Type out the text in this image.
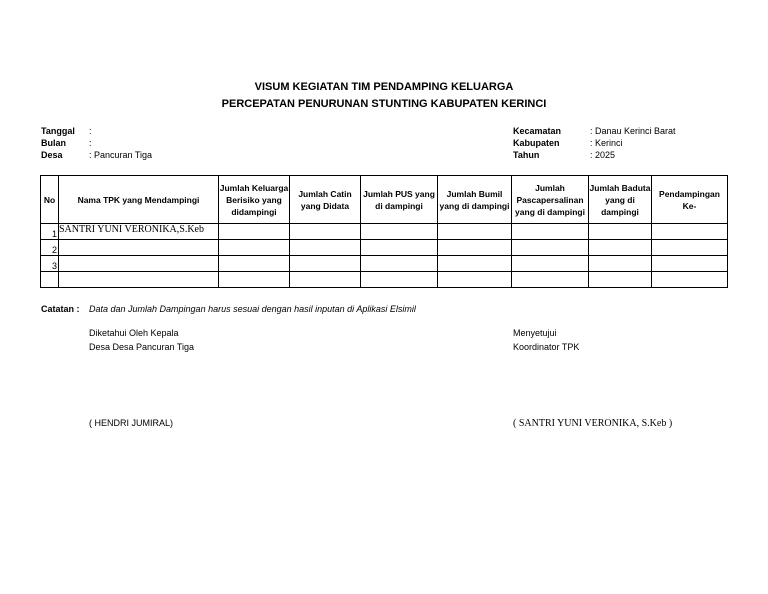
VISUM KEGIATAN TIM PENDAMPING KELUARGA
PERCEPATAN PENURUNAN STUNTING KABUPATEN KERINCI
Tanggal	:
Bulan	:
Desa	: Pancuran Tiga
Kecamatan	: Danau Kerinci Barat
Kabupaten	: Kerinci
Tahun	: 2025
No	Nama TPK yang Mendampingi	Jumlah Keluarga Berisiko yang didampingi	Jumlah Catin yang Didata	Jumlah PUS yang di dampingi	Jumlah Bumil yang di dampingi	Jumlah Pascapersalinan yang di dampingi	Jumlah Baduta yang di dampingi	Pendampingan Ke-
1	SANTRI YUNI VERONIKA,S.Keb							
2								
3								

Catatan : Data dan Jumlah Dampingan harus sesuai dengan hasil inputan di Aplikasi Elsimil
Diketahui Oleh Kepala
Desa Desa Pancuran Tiga
Menyetujui
Koordinator TPK
( HENDRI JUMIRAL)	( SANTRI YUNI VERONIKA, S.Keb )
